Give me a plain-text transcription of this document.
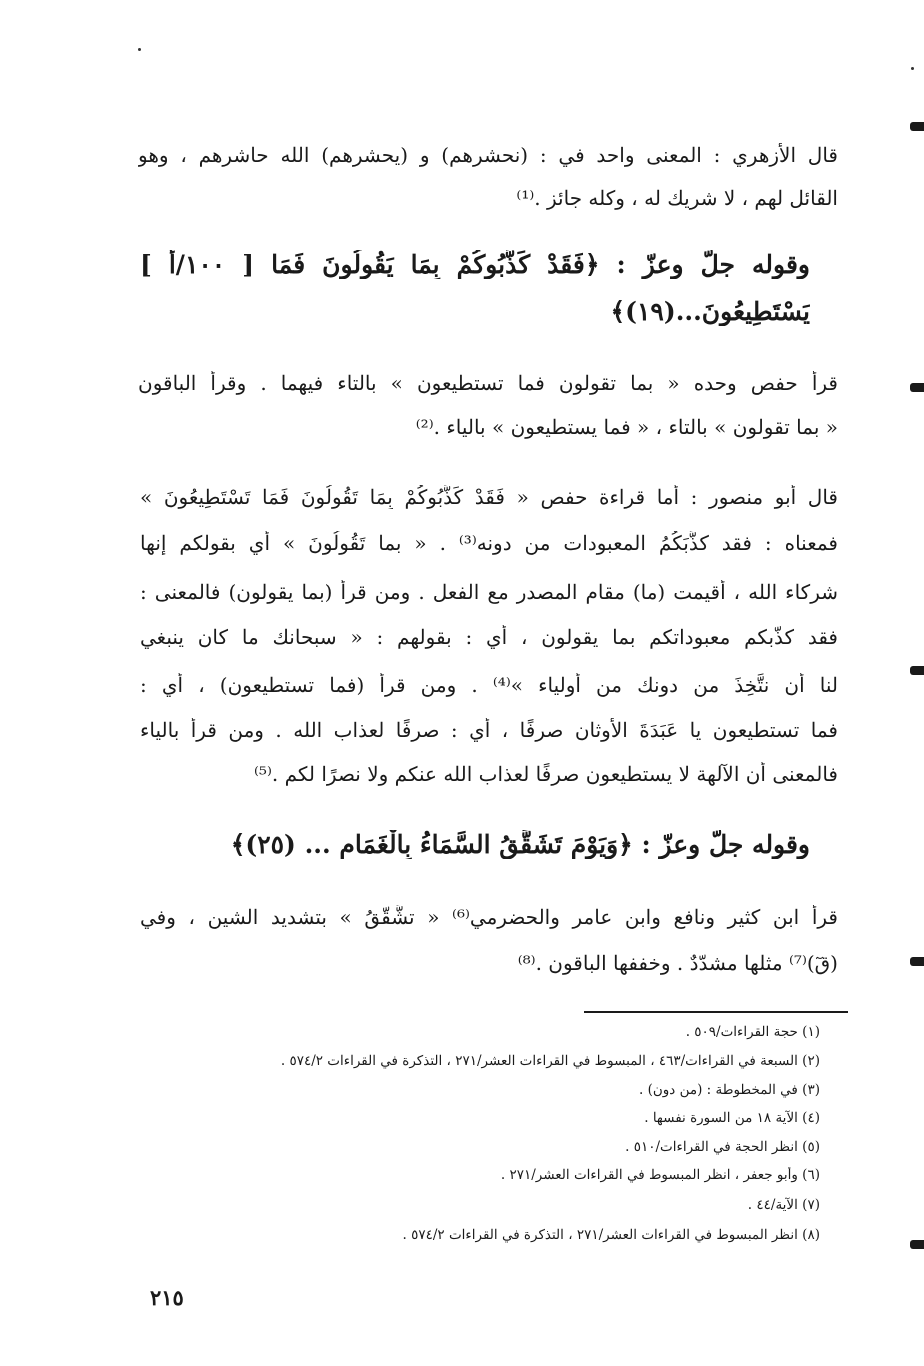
قال الأزهري : المعنى واحد في : (نحشرهم) و (يحشرهم) الله حاشرهم ، وهو
القائل لهم ، لا شريك له ، وكله جائز .⁽¹⁾
وقوله جلّ وعزّ : ﴿فَقَدْ كَذَّبُوكُمْ بِمَا يَقُولُونَ فَمَا [ ١٠٠/أ ]
يَسْتَطِيعُونَ...(١٩)﴾
قرأ حفص وحده « بما تقولون فما تستطيعون » بالتاء فيهما . وقرأ الباقون
« بما تقولون » بالتاء ، « فما يستطيعون » بالياء .⁽²⁾
قال أبو منصور : أما قراءة حفص « فَقَدْ كَذَّبُوكُمْ بِمَا تَقُولُونَ فَمَا تَسْتَطِيعُونَ »
فمعناه : فقد كذَّبَكُمُ المعبودات من دونه⁽³⁾ . « بما تَقُولُونَ » أي بقولكم إنها
شركاء الله ، أقيمت (ما) مقام المصدر مع الفعل . ومن قرأ (بما يقولون) فالمعنى :
فقد كذّبكم معبوداتكم بما يقولون ، أي : بقولهم : « سبحانك ما كان ينبغي
لنا أن نتَّخِذَ من دونك من أولياء »⁽⁴⁾ . ومن قرأ (فما تستطيعون) ، أي :
فما تستطيعون يا عَبَدَةَ الأوثان صرفًا ، أي : صرفًا لعذاب الله . ومن قرأ بالياء
فالمعنى أن الآلهة لا يستطيعون صرفًا لعذاب الله عنكم ولا نصرًا لكم .⁽⁵⁾
وقوله جلّ وعزّ : ﴿وَيَوْمَ تَشَقَّقُ السَّمَاءُ بِالْغَمَامِ ... (٢٥)﴾
قرأ ابن كثير ونافع وابن عامر والحضرمي⁽⁶⁾ « تشَّقّقُ » بتشديد الشين ، وفي
(قٓ)⁽⁷⁾ مثلها مشدّدٌ . وخففها الباقون .⁽⁸⁾
(١) حجة القراءات/٥٠٩ .
(٢) السبعة في القراءات/٤٦٣ ، المبسوط في القراءات العشر/٢٧١ ، التذكرة في القراءات ٥٧٤/٢ .
(٣) في المخطوطة : (من دون) .
(٤) الآية ١٨ من السورة نفسها .
(٥) انظر الحجة في القراءات/٥١٠ .
(٦) وأبو جعفر ، انظر المبسوط في القراءات العشر/٢٧١ .
(٧) الآية/٤٤ .
(٨) انظر المبسوط في القراءات العشر/٢٧١ ، التذكرة في القراءات ٥٧٤/٢ .
٢١٥
